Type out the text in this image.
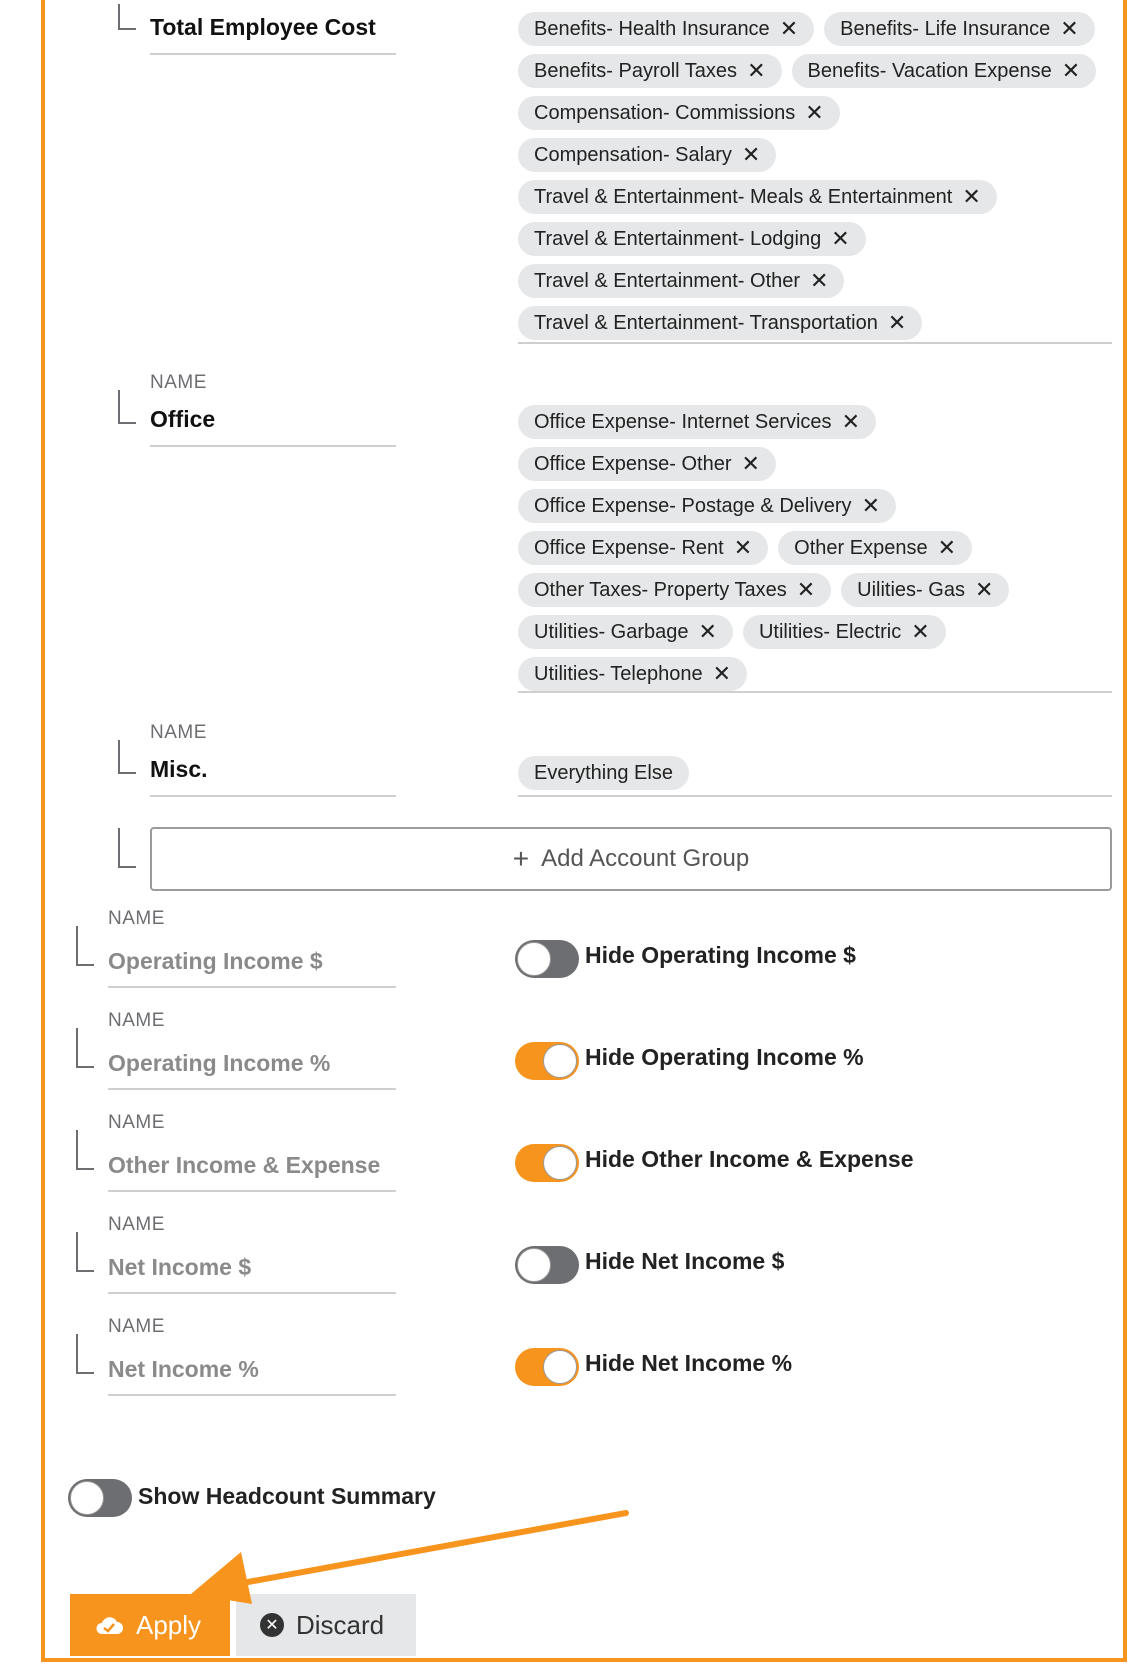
Total Employee Cost	Benefits- Health Insurance ✕ Benefits- Life Insurance ✕
Benefits- Payroll Taxes ✕ Benefits- Vacation Expense ✕
Compensation- Commissions ✕
Compensation- Salary ✕
Travel & Entertainment- Meals & Entertainment ✕
Travel & Entertainment- Lodging ✕
Travel & Entertainment- Other ✕
Travel & Entertainment- Transportation ✕
NAME
Office	Office Expense- Internet Services ✕
Office Expense- Other ✕
Office Expense- Postage & Delivery ✕
Office Expense- Rent ✕ Other Expense ✕
Other Taxes- Property Taxes ✕ Uilities- Gas ✕
Utilities- Garbage ✕ Utilities- Electric ✕
Utilities- Telephone ✕
NAME
Misc.	Everything Else
+ Add Account Group
NAME
Operating Income $	Hide Operating Income $
NAME
Operating Income %	Hide Operating Income %
NAME
Other Income & Expense	Hide Other Income & Expense
NAME
Net Income $	Hide Net Income $
NAME
Net Income %	Hide Net Income %
Show Headcount Summary
Apply	✕ Discard
